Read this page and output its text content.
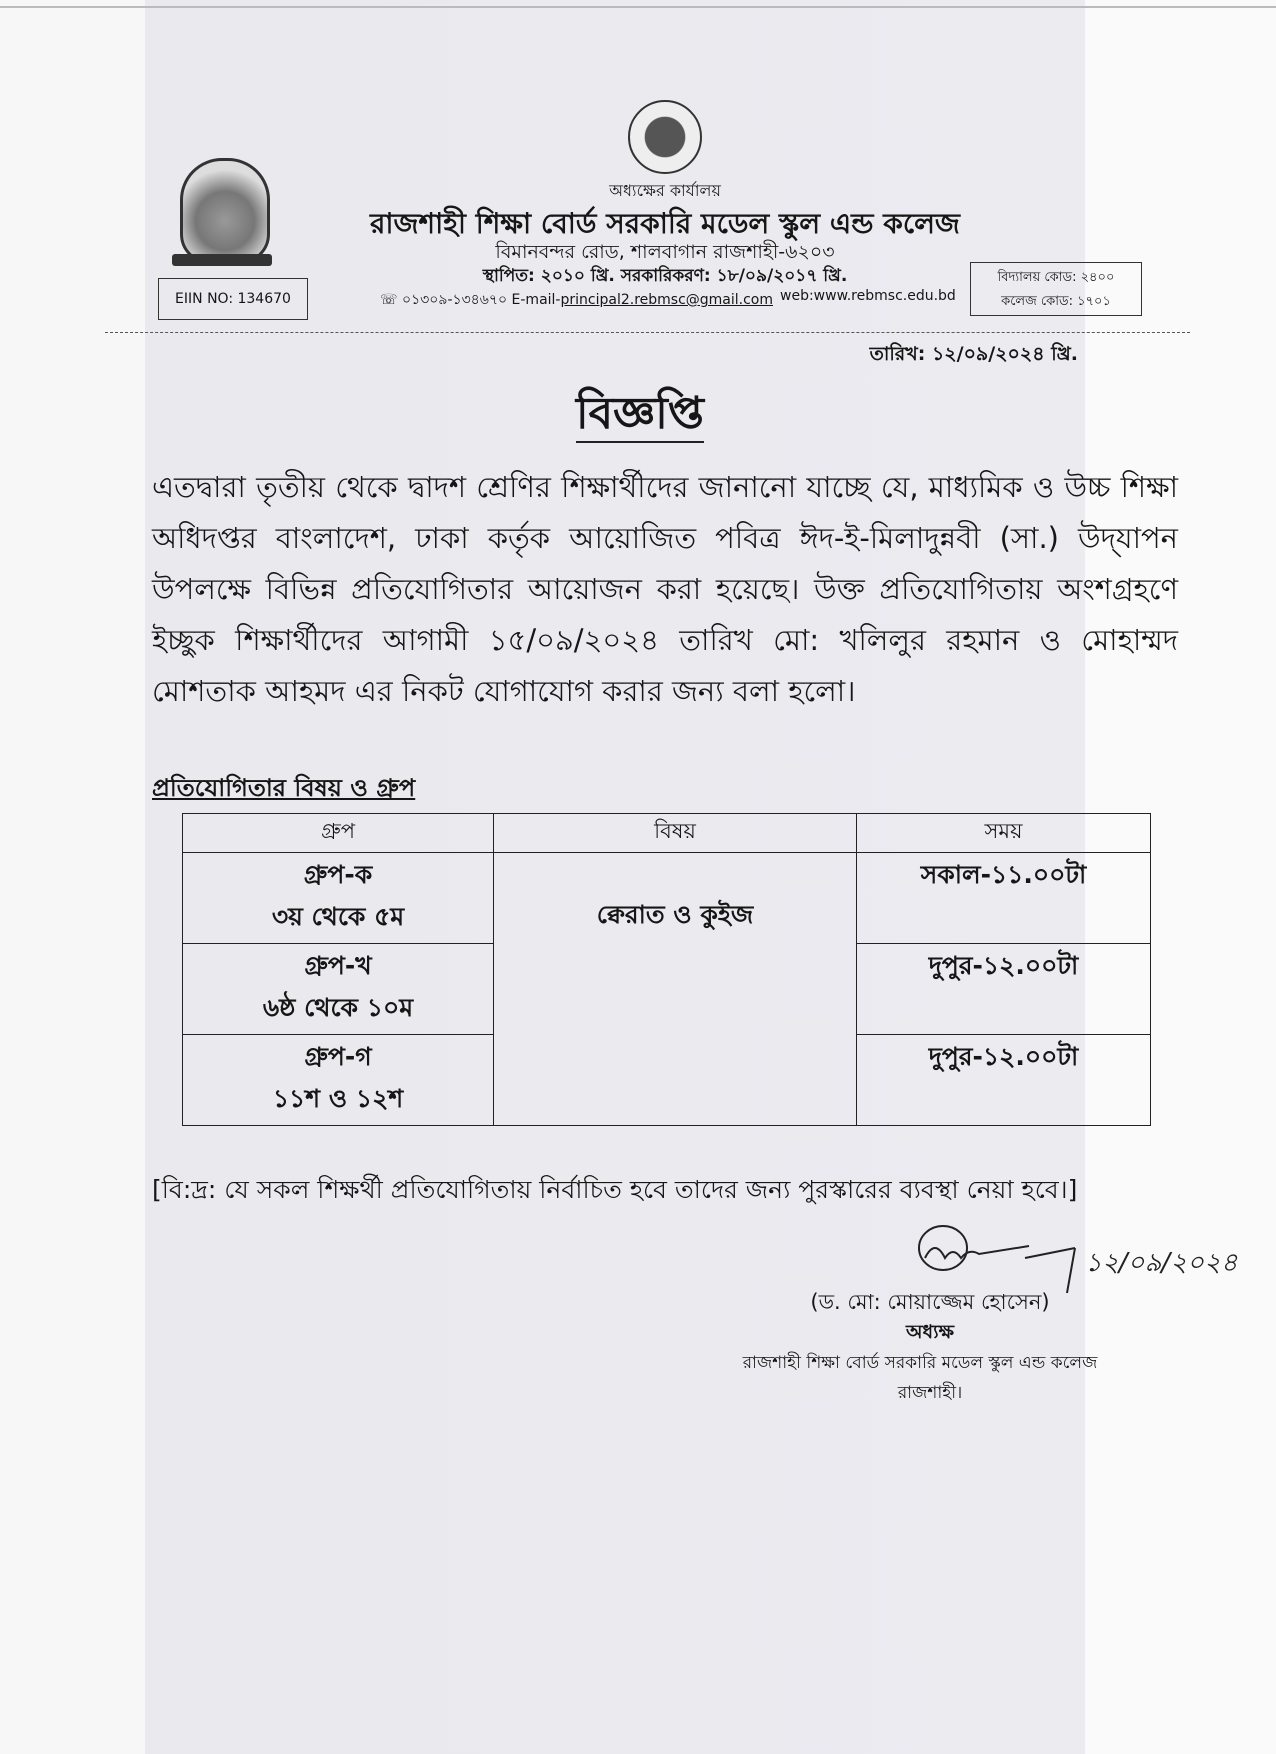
অধ্যক্ষের কার্যালয়
রাজশাহী শিক্ষা বোর্ড সরকারি মডেল স্কুল এন্ড কলেজ
বিমানবন্দর রোড, শালবাগান রাজশাহী-৬২০৩
স্থাপিত: ২০১০ খ্রি. সরকারিকরণ: ১৮/০৯/২০১৭ খ্রি.
☏ ০১৩০৯-১৩৪৬৭০ E-mail-principal2.rebmsc@gmail.com web:www.rebmsc.edu.bd
EIIN NO: 134670
বিদ্যালয় কোড: ২৪০০
কলেজ কোড: ১৭০১
তারিখ: ১২/০৯/২০২৪ খ্রি.
বিজ্ঞপ্তি
এতদ্বারা তৃতীয় থেকে দ্বাদশ শ্রেণির শিক্ষার্থীদের জানানো যাচ্ছে যে, মাধ্যমিক ও উচ্চ শিক্ষা অধিদপ্তর বাংলাদেশ, ঢাকা কর্তৃক আয়োজিত পবিত্র ঈদ-ই-মিলাদুন্নবী (সা.) উদ্‌যাপন উপলক্ষে বিভিন্ন প্রতিযোগিতার আয়োজন করা হয়েছে। উক্ত প্রতিযোগিতায় অংশগ্রহণে ইচ্ছুক শিক্ষার্থীদের আগামী ১৫/০৯/২০২৪ তারিখ মো: খলিলুর রহমান ও মোহাম্মদ মোশতাক আহমদ এর নিকট যোগাযোগ করার জন্য বলা হলো।
প্রতিযোগিতার বিষয় ও গ্রুপ
গ্রুপ	বিষয়	সময়

গ্রুপ-ক
৩য় থেকে ৫ম	ক্বেরাত ও কুইজ	সকাল-১১.০০টা

গ্রুপ-খ
৬ষ্ঠ থেকে ১০ম		দুপুর-১২.০০টা

গ্রুপ-গ
১১শ ও ১২শ		দুপুর-১২.০০টা
[বি:দ্র: যে সকল শিক্ষর্থী প্রতিযোগিতায় নির্বাচিত হবে তাদের জন্য পুরস্কারের ব্যবস্থা নেয়া হবে।]
১২/০৯/২০২৪
(ড. মো: মোয়াজ্জেম হোসেন)
অধ্যক্ষ
রাজশাহী শিক্ষা বোর্ড সরকারি মডেল স্কুল এন্ড কলেজ
রাজশাহী।
